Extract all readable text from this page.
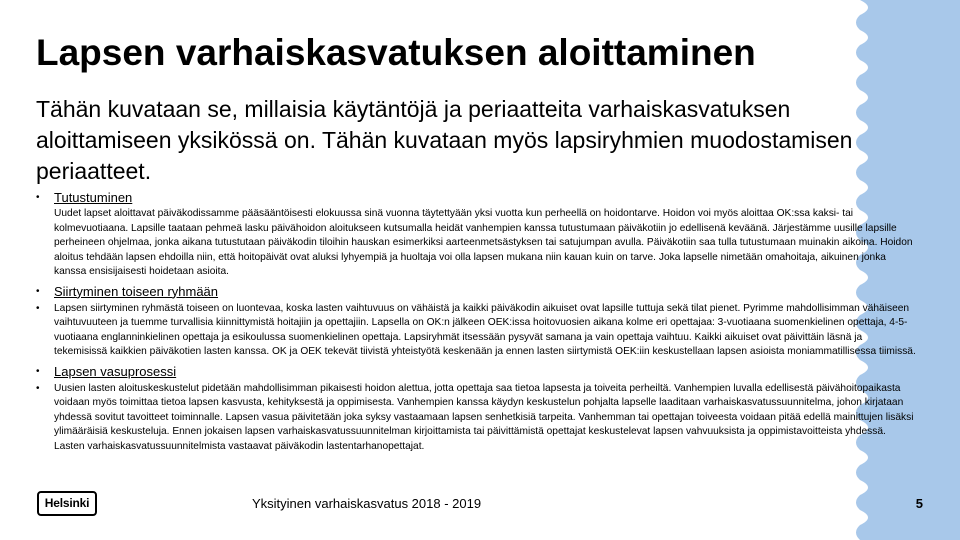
Lapsen varhaiskasvatuksen aloittaminen
Tähän kuvataan se, millaisia käytäntöjä ja periaatteita varhaiskasvatuksen aloittamiseen yksikössä on. Tähän kuvataan myös lapsiryhmien muodostamisen periaatteet.
• Tutustuminen
Uudet lapset aloittavat päiväkodissamme pääsääntöisesti elokuussa sinä vuonna täytettyään yksi vuotta kun perheellä on hoidontarve. Hoidon voi myös aloittaa OK:ssa kaksi- tai kolmevuotiaana. Lapsille taataan pehmeä lasku päivähoidon aloitukseen kutsumalla heidät vanhempien kanssa tutustumaan päiväkotiin jo edellisenä keväänä. Järjestämme uusille lapsille perheineen ohjelmaa, jonka aikana tutustutaan päiväkodin tiloihin hauskan esimerkiksi aarteenmetsästyksen tai satujumpan avulla. Päiväkotiin saa tulla tutustumaan muinakin aikoina. Hoidon aloitus tehdään lapsen ehdoilla niin, että hoitopäivät ovat aluksi lyhyempiä ja huoltaja voi olla lapsen mukana niin kauan kuin on tarve. Joka lapselle nimetään omahoitaja, aikuinen jonka kanssa ensisijaisesti hoidetaan asioita.
• Siirtyminen toiseen ryhmään
• Lapsen siirtyminen ryhmästä toiseen on luontevaa, koska lasten vaihtuvuus on vähäistä ja kaikki päiväkodin aikuiset ovat lapsille tuttuja sekä tilat pienet. Pyrimme mahdollisimman vähäiseen vaihtuvuuteen ja tuemme turvallisia kiinnittymistä hoitajiin ja opettajiin. Lapsella on OK:n jälkeen OEK:issa hoitovuosien aikana kolme eri opettajaa: 3-vuotiaana suomenkielinen opettaja, 4-5-vuotiaana englanninkielinen opettaja ja esikoulussa suomenkielinen opettaja. Lapsiryhmät itsessään pysyvät samana ja vain opettaja vaihtuu. Kaikki aikuiset ovat päivittäin läsnä ja tekemisissä kaikkien päiväkotien lasten kanssa. OK ja OEK tekevät tiivistä yhteistyötä keskenään ja ennen lasten siirtymistä OEK:iin keskustellaan lapsen asioista moniammatillisessa tiimissä.
• Lapsen vasuprosessi
• Uusien lasten aloituskeskustelut pidetään mahdollisimman pikaisesti hoidon alettua, jotta opettaja saa tietoa lapsesta ja toiveita perheiltä. Vanhempien luvalla edellisestä päivähoitopaikasta voidaan myös toimittaa tietoa lapsen kasvusta, kehityksestä ja oppimisesta. Vanhempien kanssa käydyn keskustelun pohjalta lapselle laaditaan varhaiskasvatussuunnitelma, johon kirjataan yhdessä sovitut tavoitteet toiminnalle. Lapsen vasua päivitetään joka syksy vastaamaan lapsen senhetkisiä tarpeita. Vanhemman tai opettajan toiveesta voidaan pitää edellä mainittujen lisäksi ylimääräisiä keskusteluja. Ennen jokaisen lapsen varhaiskasvatussuunnitelman kirjoittamista tai päivittämistä opettajat keskustelevat lapsen vahvuuksista ja oppimistavoitteista yhdessä. Lasten varhaiskasvatussuunnitelmista vastaavat päiväkodin lastentarhanopettajat.
Helsinki	Yksityinen varhaiskasvatus 2018 - 2019	5
